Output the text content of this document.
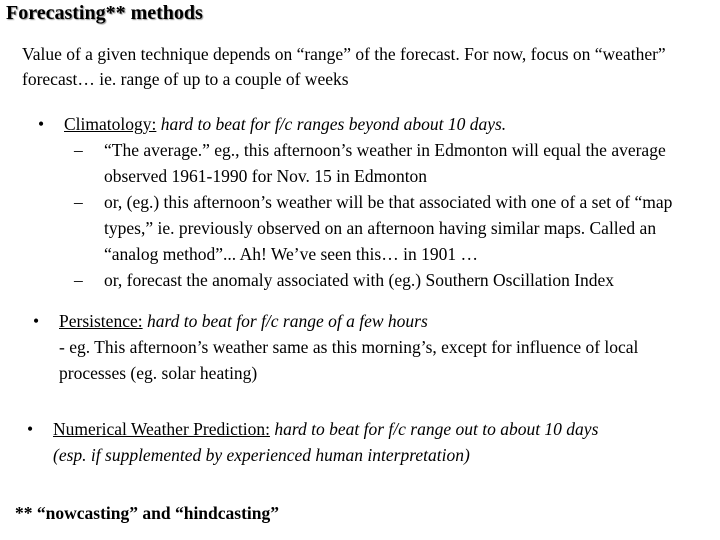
Forecasting** methods
Value of a given technique depends on “range” of the forecast. For now, focus on “weather” forecast… ie. range of up to a couple of weeks
• Climatology: hard to beat for f/c ranges beyond about 10 days.
– “The average.” eg., this afternoon’s weather in Edmonton will equal the average observed 1961-1990 for Nov. 15 in Edmonton
– or, (eg.) this afternoon’s weather will be that associated with one of a set of “map types,” ie. previously observed on an afternoon having similar maps. Called an “analog method”... Ah! We’ve seen this… in 1901 …
– or, forecast the anomaly associated with (eg.) Southern Oscillation Index
• Persistence: hard to beat for f/c range of a few hours
- eg. This afternoon’s weather same as this morning’s, except for influence of local processes (eg. solar heating)
• Numerical Weather Prediction: hard to beat for f/c range out to about 10 days
(esp. if supplemented by experienced human interpretation)
** “nowcasting” and “hindcasting”
